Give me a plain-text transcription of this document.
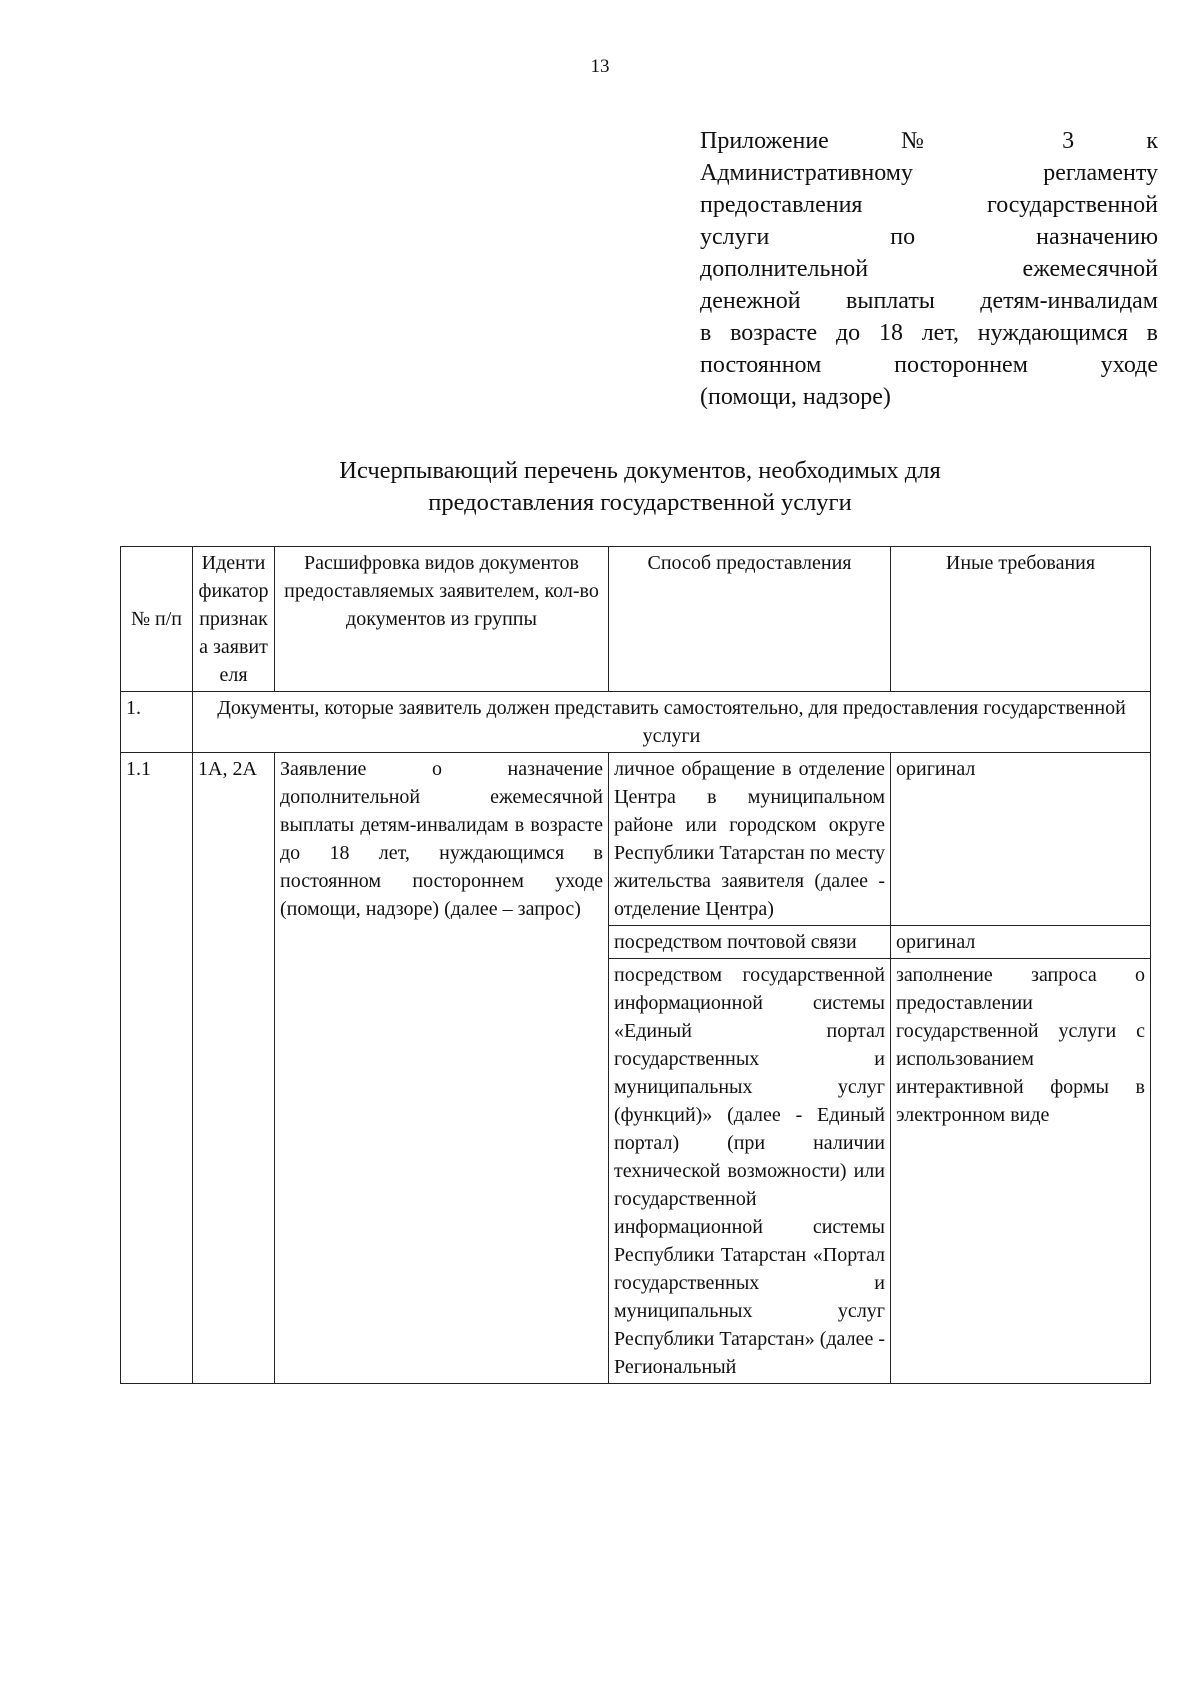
13
Приложение № 3 к
Административному регламенту
предоставления государственной
услуги по назначению
дополнительной ежемесячной
денежной выплаты детям-инвалидам
в возрасте до 18 лет, нуждающимся в
постоянном постороннем уходе
(помощи, надзоре)
Исчерпывающий перечень документов, необходимых для
предоставления государственной услуги
№ п/п	Идентификатор признака заявителя	Расшифровка видов документов предоставляемых заявителем, кол-во документов из группы	Способ предоставления	Иные требования
1.	Документы, которые заявитель должен представить самостоятельно, для предоставления государственной услуги			

1.1	1А, 2А	Заявление о назначение дополнительной ежемесячной выплаты детям-инвалидам в возрасте до 18 лет, нуждающимся в постоянном постороннем уходе (помощи, надзоре) (далее – запрос)	личное обращение в отделение Центра в муниципальном районе или городском округе Республики Татарстан по месту жительства заявителя (далее - отделение Центра)	оригинал
			посредством почтовой связи	оригинал
			посредством государственной информационной системы «Единый портал государственных и муниципальных услуг (функций)» (далее - Единый портал) (при наличии технической возможности) или государственной информационной системы Республики Татарстан «Портал государственных и муниципальных услуг Республики Татарстан» (далее - Региональный	заполнение запроса о предоставлении государственной услуги с использованием интерактивной формы в электронном виде
